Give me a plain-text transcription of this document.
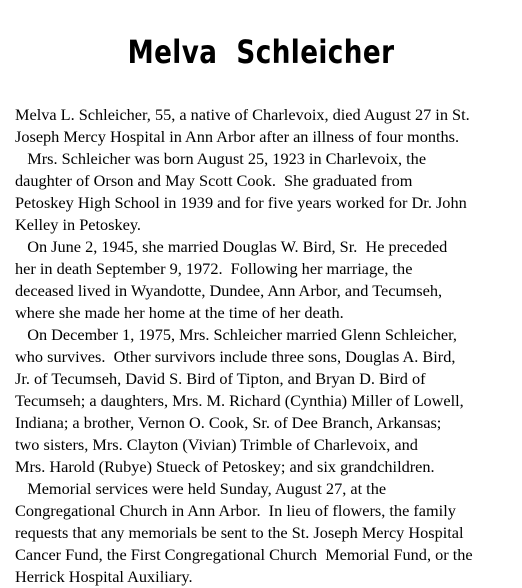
Melva  Schleicher
Melva L. Schleicher, 55, a native of Charlevoix, died August 27 in St.
Joseph Mercy Hospital in Ann Arbor after an illness of four months.
Mrs. Schleicher was born August 25, 1923 in Charlevoix, the
daughter of Orson and May Scott Cook.  She graduated from
Petoskey High School in 1939 and for five years worked for Dr. John
Kelley in Petoskey.
On June 2, 1945, she married Douglas W. Bird, Sr.  He preceded
her in death September 9, 1972.  Following her marriage, the
deceased lived in Wyandotte, Dundee, Ann Arbor, and Tecumseh,
where she made her home at the time of her death.
On December 1, 1975, Mrs. Schleicher married Glenn Schleicher,
who survives.  Other survivors include three sons, Douglas A. Bird,
Jr. of Tecumseh, David S. Bird of Tipton, and Bryan D. Bird of
Tecumseh; a daughters, Mrs. M. Richard (Cynthia) Miller of Lowell,
Indiana; a brother, Vernon O. Cook, Sr. of Dee Branch, Arkansas;
two sisters, Mrs. Clayton (Vivian) Trimble of Charlevoix, and
Mrs. Harold (Rubye) Stueck of Petoskey; and six grandchildren.
Memorial services were held Sunday, August 27, at the
Congregational Church in Ann Arbor.  In lieu of flowers, the family
requests that any memorials be sent to the St. Joseph Mercy Hospital
Cancer Fund, the First Congregational Church  Memorial Fund, or the
Herrick Hospital Auxiliary.
